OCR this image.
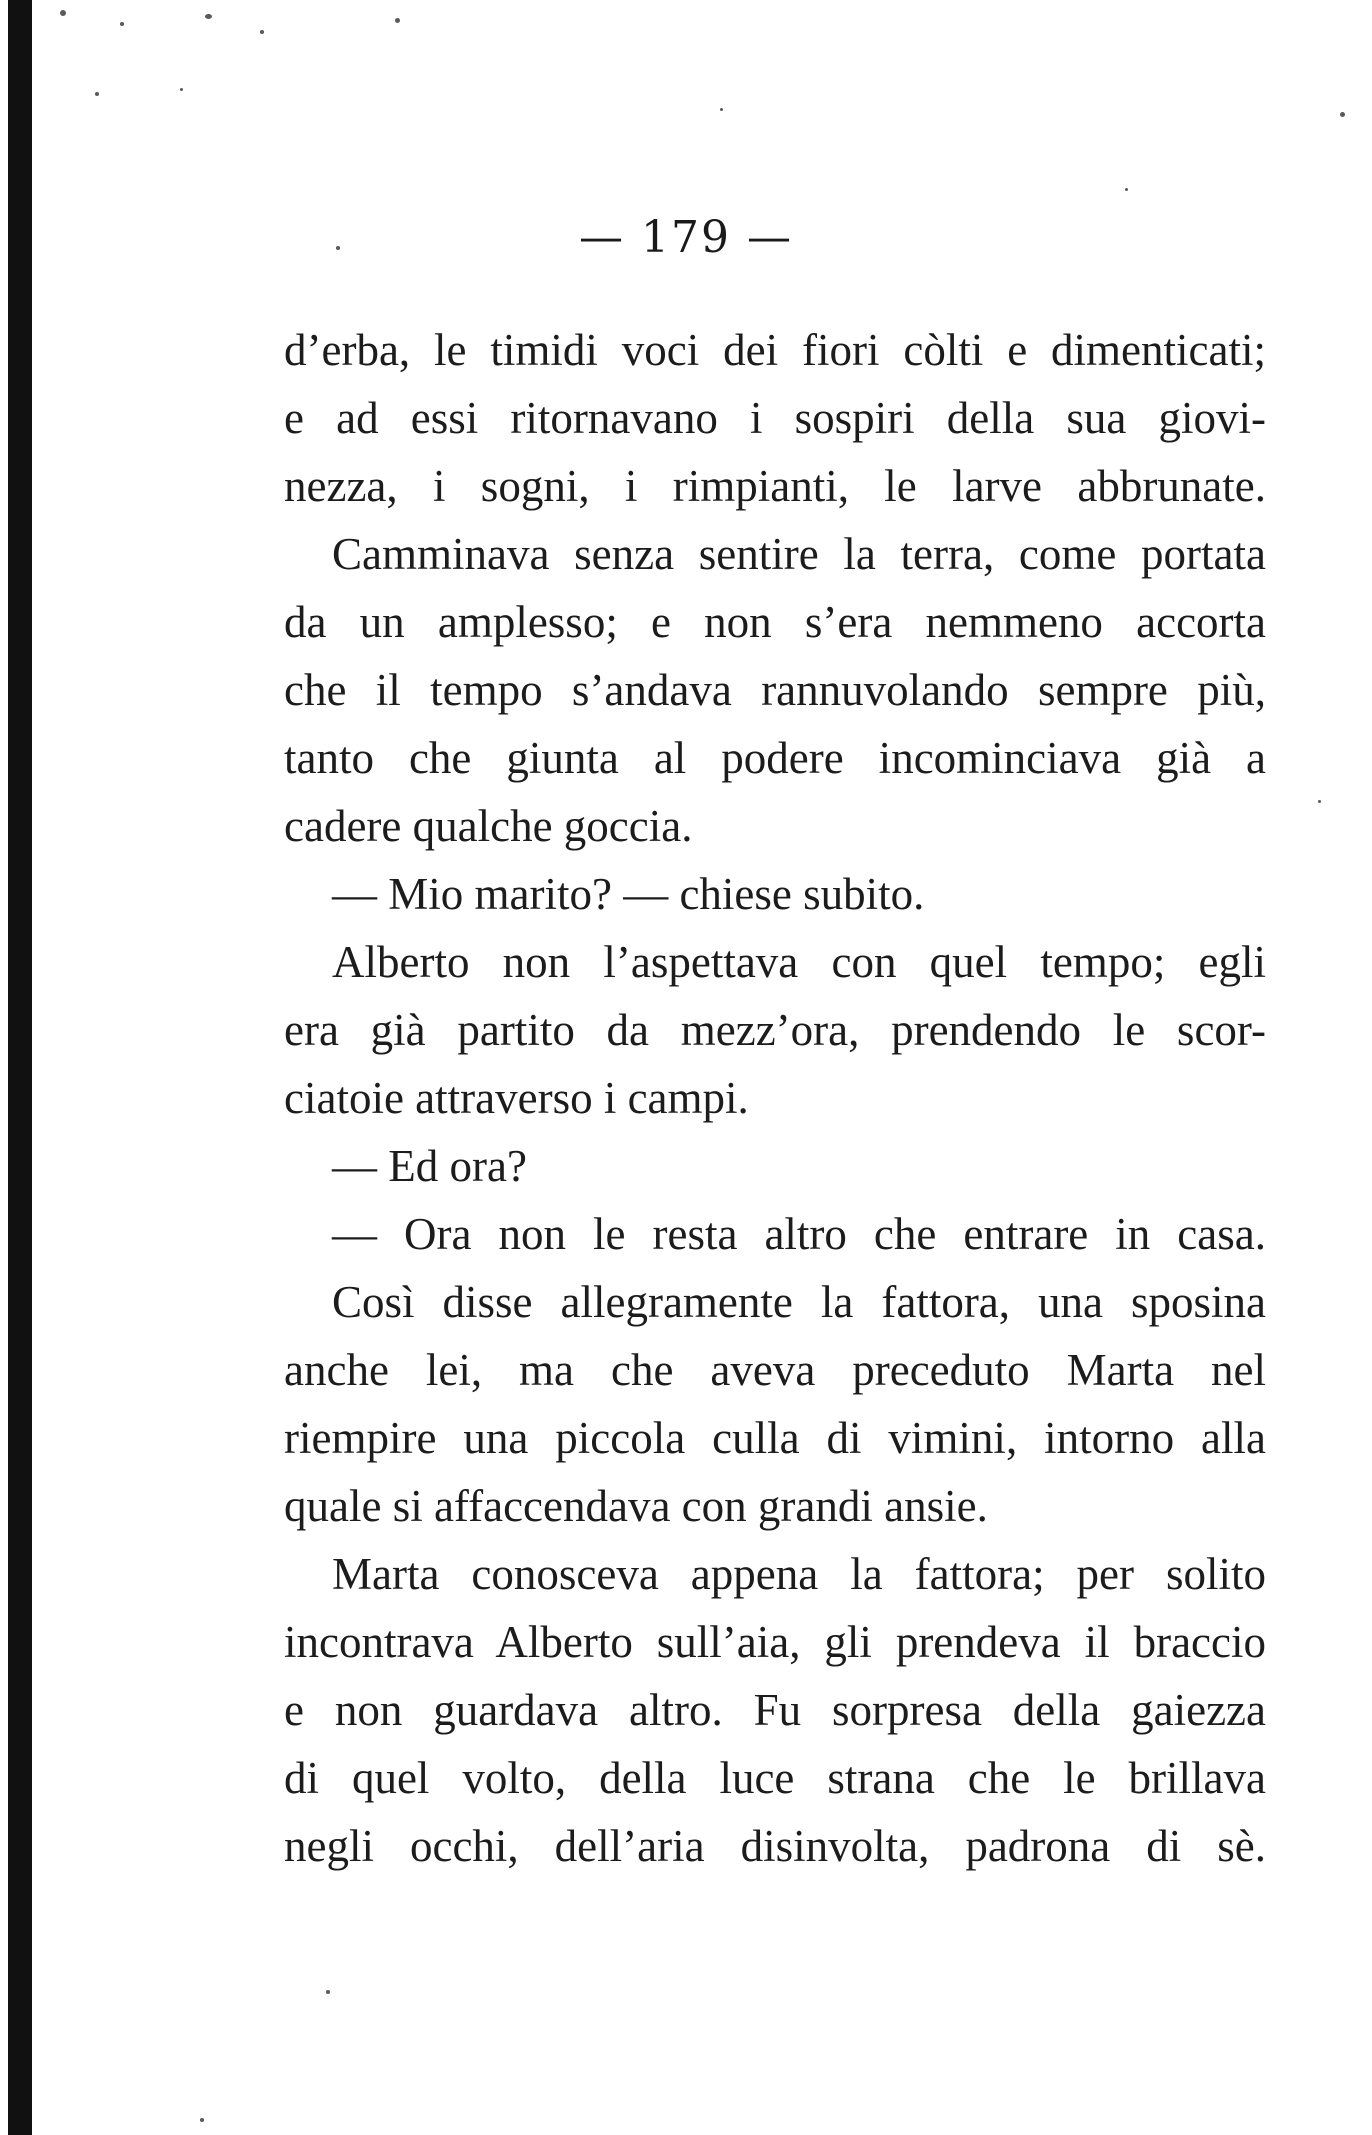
— 179 —
d’erba, le timidi voci dei fiori còlti e dimenticati;
e ad essi ritornavano i sospiri della sua giovi-
nezza, i sogni, i rimpianti, le larve abbrunate.
Camminava senza sentire la terra, come portata
da un amplesso; e non s’era nemmeno accorta
che il tempo s’andava rannuvolando sempre più,
tanto che giunta al podere incominciava già a
cadere qualche goccia.
— Mio marito? — chiese subito.
Alberto non l’aspettava con quel tempo; egli
era già partito da mezz’ora, prendendo le scor-
ciatoie attraverso i campi.
— Ed ora?
— Ora non le resta altro che entrare in casa.
Così disse allegramente la fattora, una sposina
anche lei, ma che aveva preceduto Marta nel
riempire una piccola culla di vimini, intorno alla
quale si affaccendava con grandi ansie.
Marta conosceva appena la fattora; per solito
incontrava Alberto sull’aia, gli prendeva il braccio
e non guardava altro. Fu sorpresa della gaiezza
di quel volto, della luce strana che le brillava
negli occhi, dell’aria disinvolta, padrona di sè.
